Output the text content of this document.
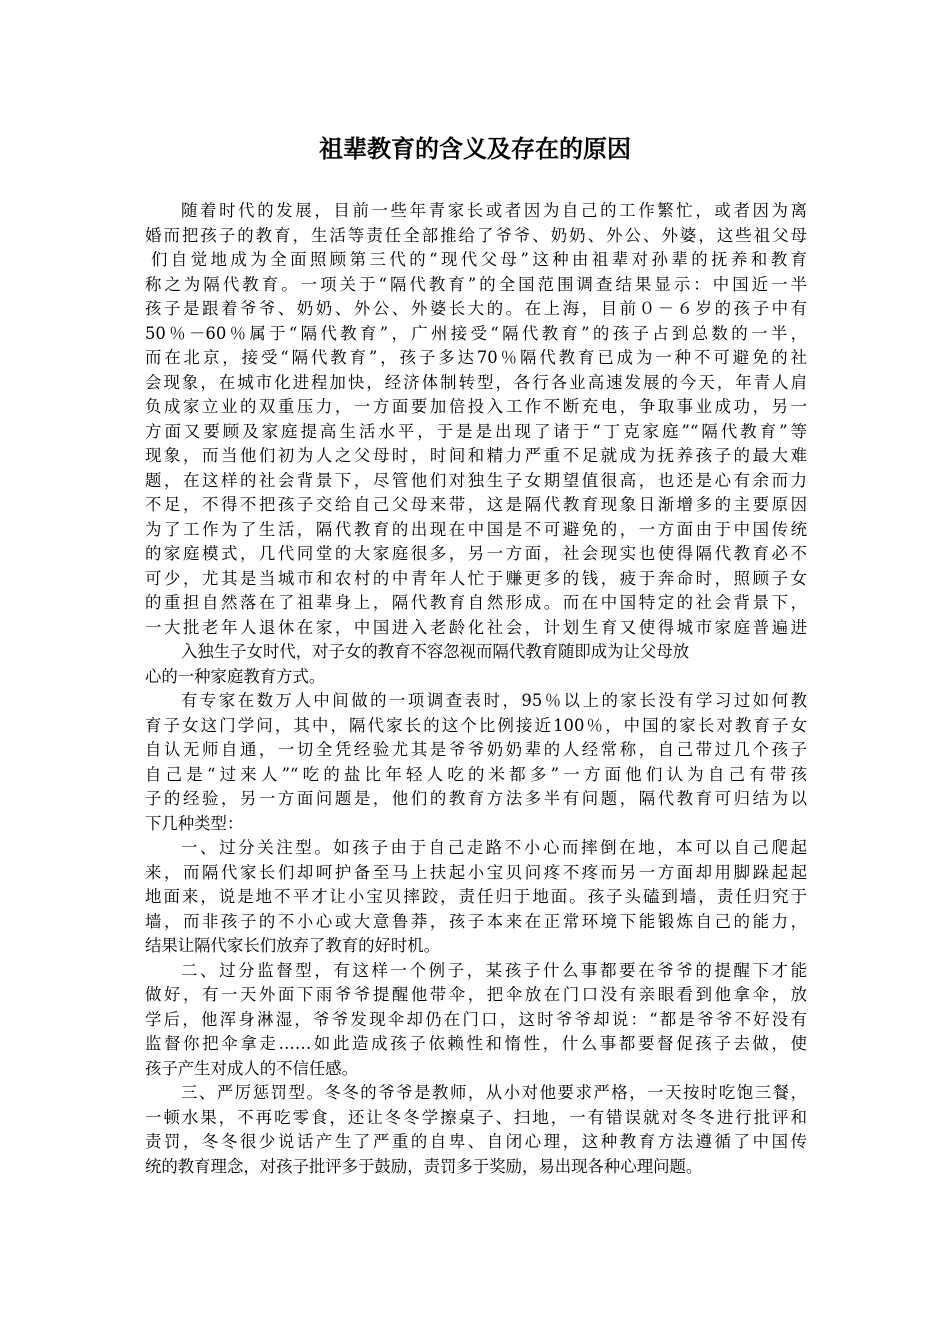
祖辈教育的含义及存在的原因
随着时代的发展，目前一些年青家长或者因为自己的工作繁忙，或者因为离
婚而把孩子的教育，生活等责任全部推给了爷爷、奶奶、外公、外婆，这些祖父母
们自觉地成为全面照顾第三代的“现代父母”这种由祖辈对孙辈的抚养和教育
称之为隔代教育。一项关于“隔代教育”的全国范围调查结果显示：中国近一半
孩子是跟着爷爷、奶奶、外公、外婆长大的。在上海，目前０－６岁的孩子中有
50％－60％属于“隔代教育”，广州接受“隔代教育”的孩子占到总数的一半，
而在北京，接受“隔代教育”，孩子多达70％隔代教育已成为一种不可避免的社
会现象，在城市化进程加快，经济体制转型，各行各业高速发展的今天，年青人肩
负成家立业的双重压力，一方面要加倍投入工作不断充电，争取事业成功，另一
方面又要顾及家庭提高生活水平，于是是出现了诸于“丁克家庭”“隔代教育”等
现象，而当他们初为人之父母时，时间和精力严重不足就成为抚养孩子的最大难
题，在这样的社会背景下，尽管他们对独生子女期望值很高，也还是心有余而力
不足，不得不把孩子交给自己父母来带，这是隔代教育现象日渐增多的主要原因
为了工作为了生活，隔代教育的出现在中国是不可避免的，一方面由于中国传统
的家庭模式，几代同堂的大家庭很多，另一方面，社会现实也使得隔代教育必不
可少，尤其是当城市和农村的中青年人忙于赚更多的钱，疲于奔命时，照顾子女
的重担自然落在了祖辈身上，隔代教育自然形成。而在中国特定的社会背景下，
一大批老年人退休在家，中国进入老龄化社会，计划生育又使得城市家庭普遍进
入独生子女时代，对子女的教育不容忽视而隔代教育随即成为让父母放
心的一种家庭教育方式。
有专家在数万人中间做的一项调查表时，95％以上的家长没有学习过如何教
育子女这门学问，其中，隔代家长的这个比例接近100％，中国的家长对教育子女
自认无师自通，一切全凭经验尤其是爷爷奶奶辈的人经常称，自己带过几个孩子
自己是“过来人”“吃的盐比年轻人吃的米都多”一方面他们认为自己有带孩
子的经验，另一方面问题是，他们的教育方法多半有问题，隔代教育可归结为以
下几种类型：
一、过分关注型。如孩子由于自己走路不小心而摔倒在地，本可以自己爬起
来，而隔代家长们却呵护备至马上扶起小宝贝问疼不疼而另一方面却用脚跺起起
地面来，说是地不平才让小宝贝摔跤，责任归于地面。孩子头磕到墙，责任归究于
墙，而非孩子的不小心或大意鲁莽，孩子本来在正常环境下能锻炼自己的能力，
结果让隔代家长们放弃了教育的好时机。
二、过分监督型，有这样一个例子，某孩子什么事都要在爷爷的提醒下才能
做好，有一天外面下雨爷爷提醒他带伞，把伞放在门口没有亲眼看到他拿伞，放
学后，他浑身淋湿，爷爷发现伞却仍在门口，这时爷爷却说：“都是爷爷不好没有
监督你把伞拿走……如此造成孩子依赖性和惰性，什么事都要督促孩子去做，使
孩子产生对成人的不信任感。
三、严厉惩罚型。冬冬的爷爷是教师，从小对他要求严格，一天按时吃饱三餐，
一顿水果，不再吃零食，还让冬冬学擦桌子、扫地，一有错误就对冬冬进行批评和
责罚，冬冬很少说话产生了严重的自卑、自闭心理，这种教育方法遵循了中国传
统的教育理念，对孩子批评多于鼓励，责罚多于奖励，易出现各种心理问题。
